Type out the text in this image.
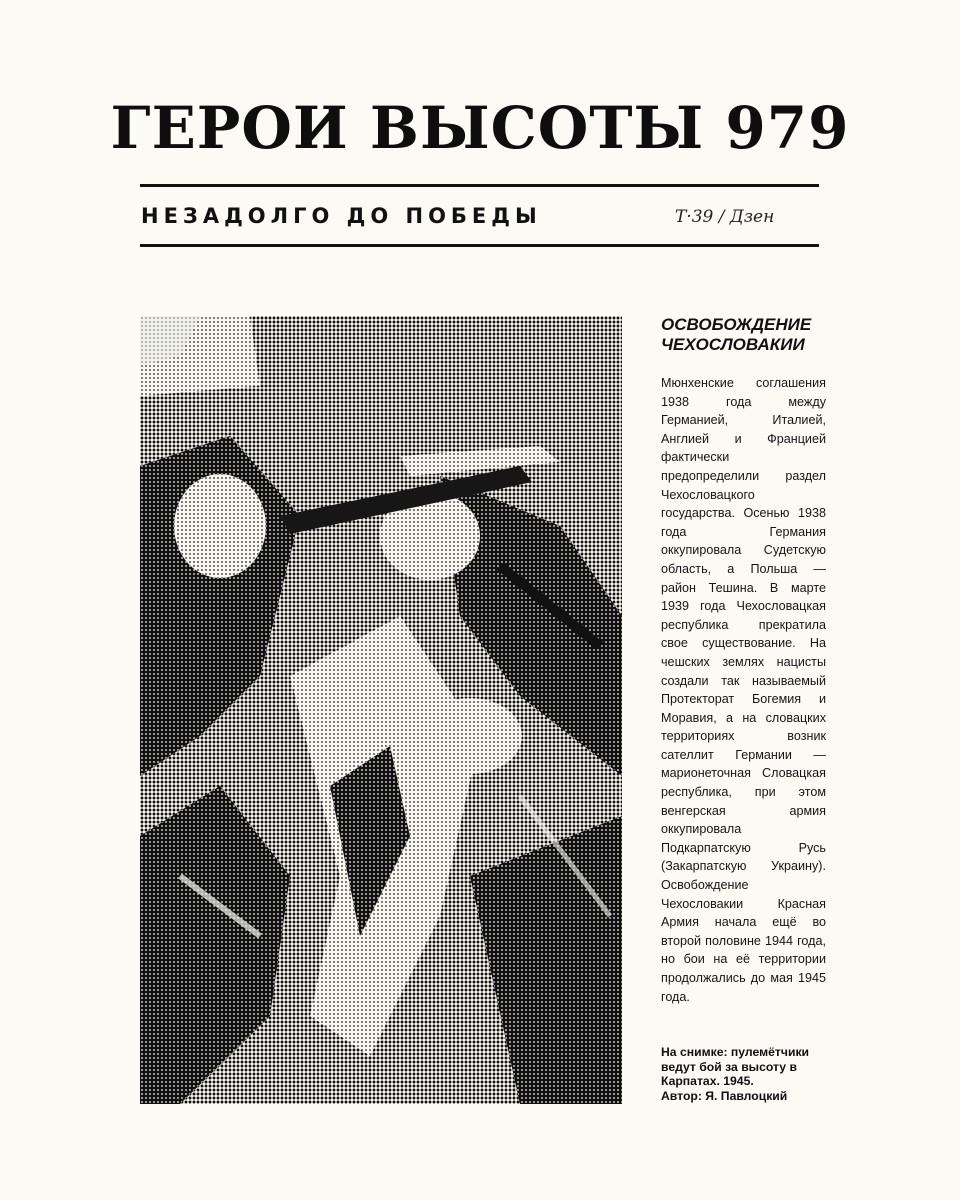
ГЕРОИ ВЫСОТЫ 979
НЕЗАДОЛГО ДО ПОБЕДЫ	Т·39 / Дзен
ОСВОБОЖДЕНИЕ ЧЕХОСЛОВАКИИ

Мюнхенские соглашения 1938 года между Германией, Италией, Англией и Францией фактически предопределили раздел Чехословацкого государства. Осенью 1938 года Германия оккупировала Судетскую область, а Польша — район Тешина. В марте 1939 года Чехословацкая республика прекратила свое существование. На чешских землях нацисты создали так называемый Протекторат Богемия и Моравия, а на словацких территориях возник сателлит Германии — марионеточная Словацкая республика, при этом венгерская армия оккупировала Подкарпатскую Русь (Закарпатскую Украину). Освобождение Чехословакии Красная Армия начала ещё во второй половине 1944 года, но бои на её территории продолжались до мая 1945 года.

На снимке: пулемётчики ведут бой за высоту в Карпатах. 1945.
Автор: Я. Павлоцкий
